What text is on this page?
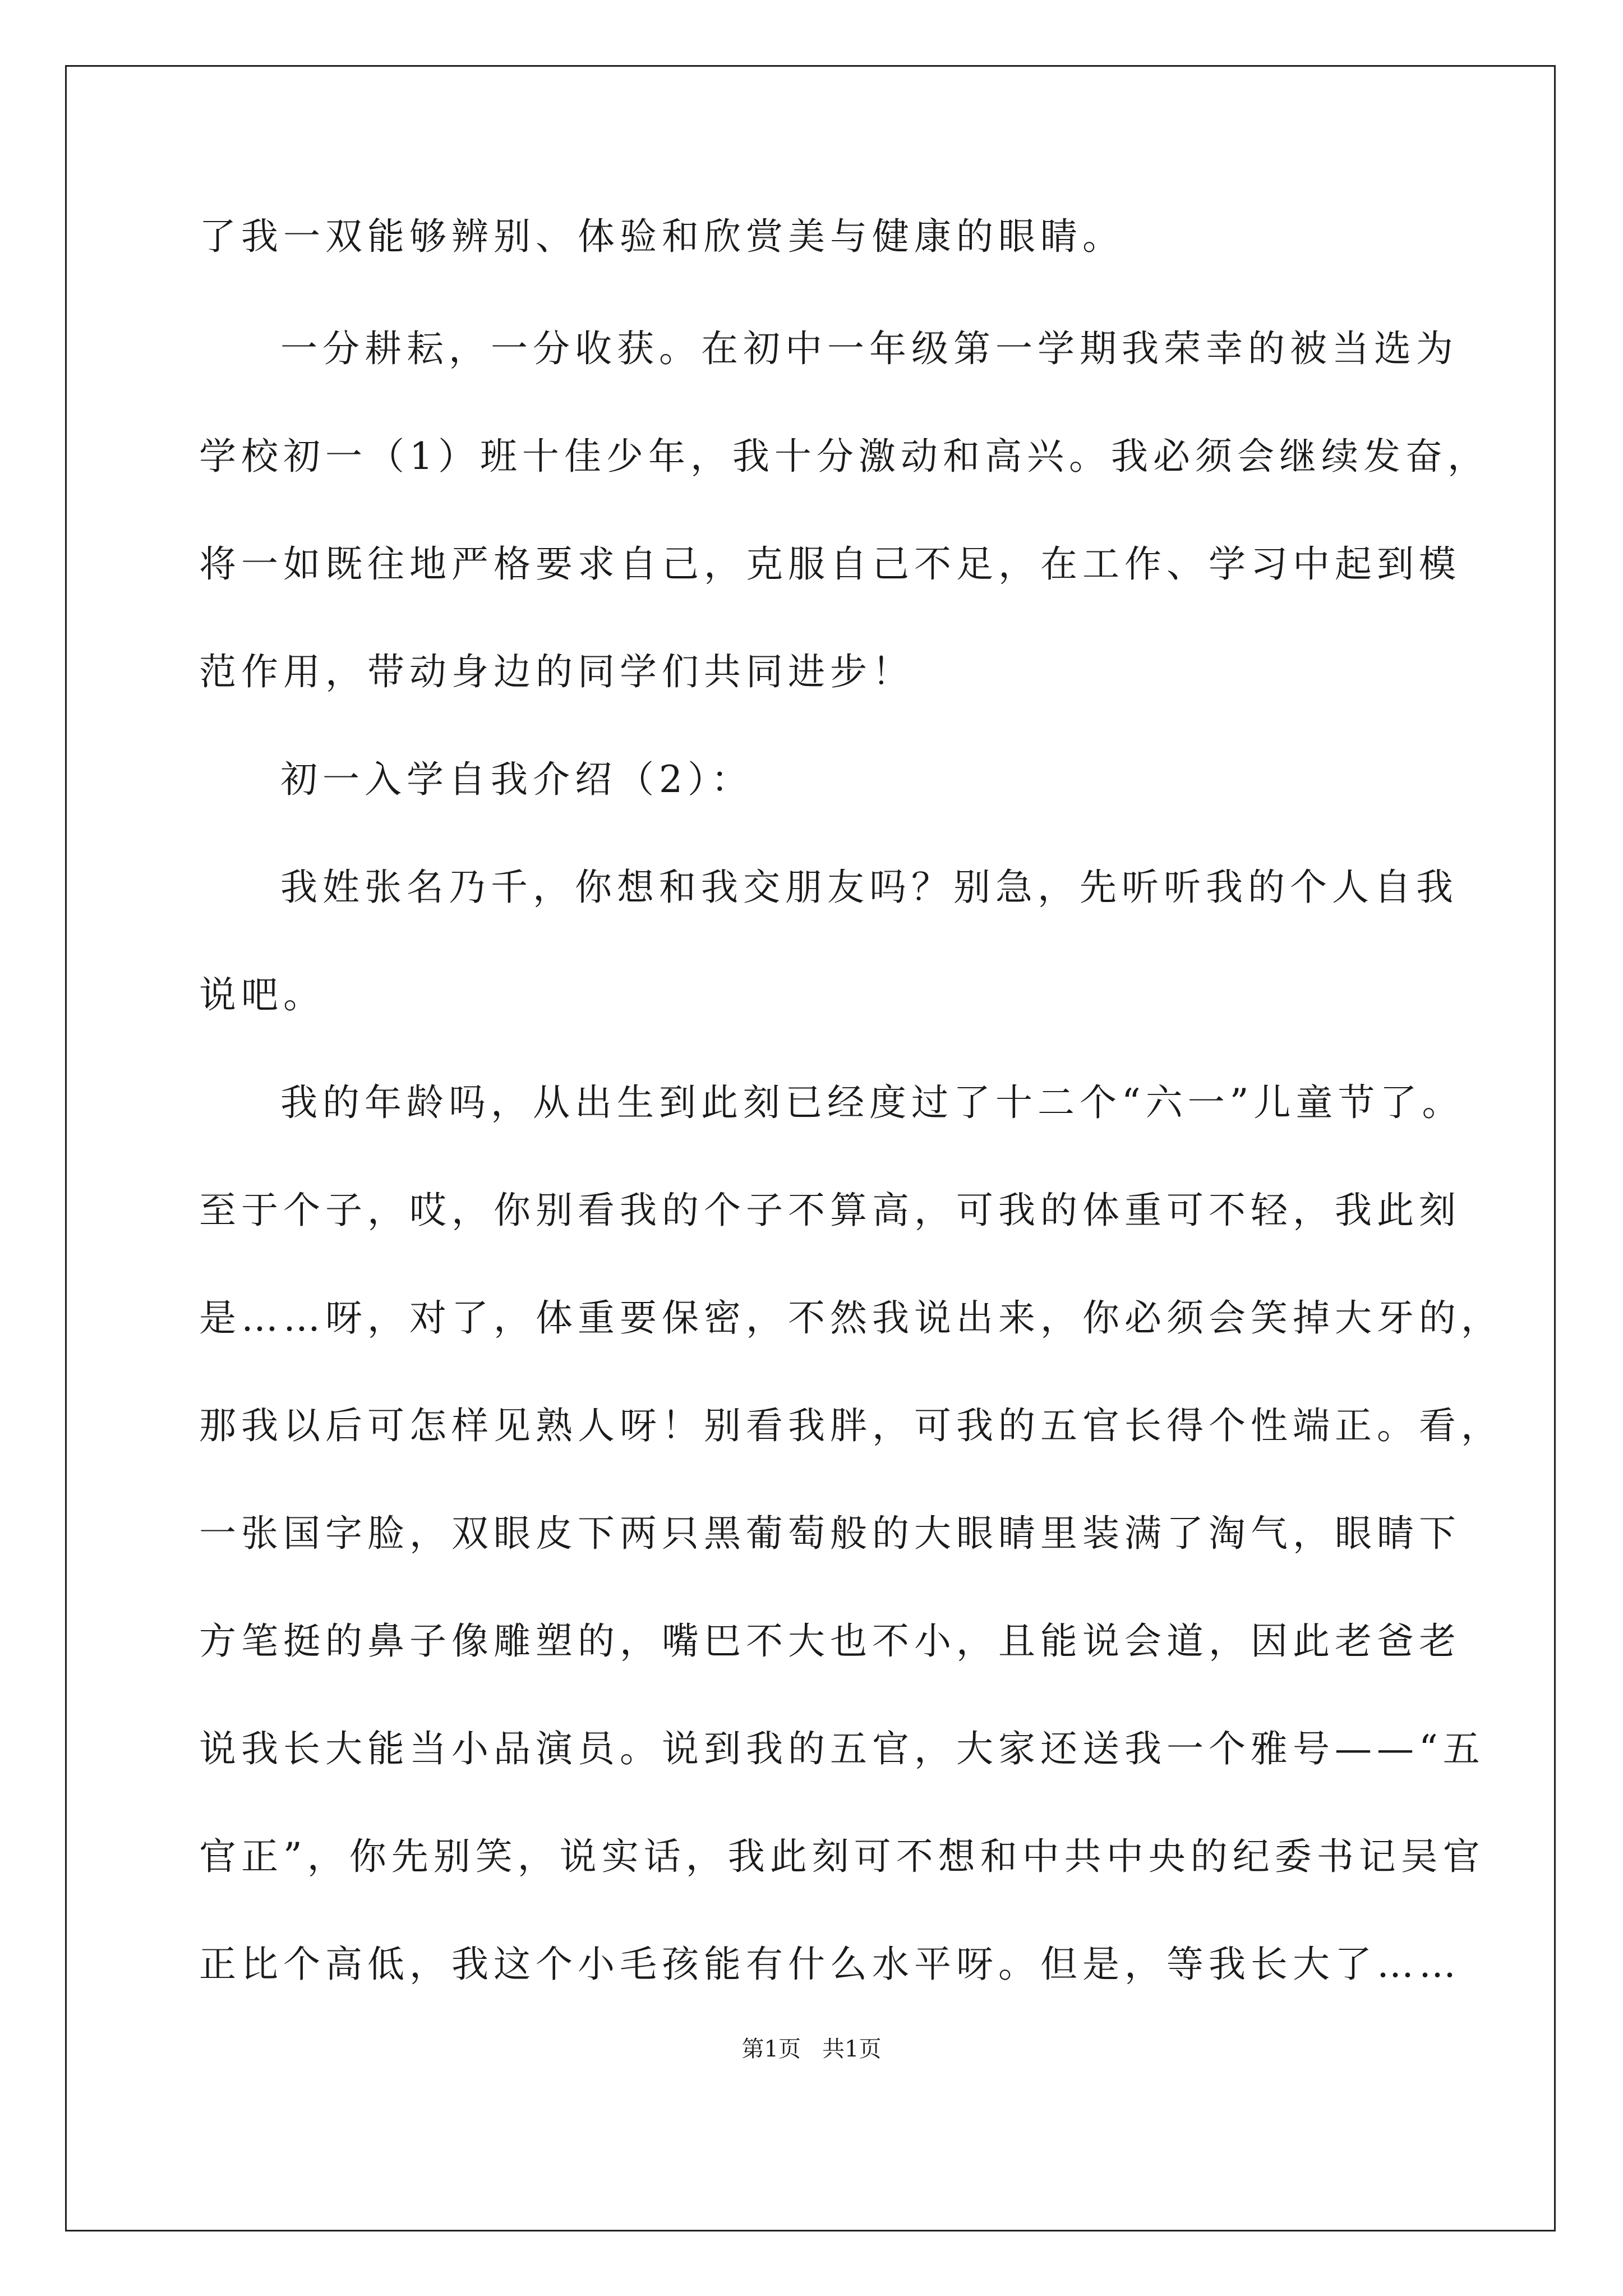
了我一双能够辨别、体验和欣赏美与健康的眼睛。
一分耕耘，一分收获。在初中一年级第一学期我荣幸的被当选为
学校初一（1）班十佳少年，我十分激动和高兴。我必须会继续发奋，
将一如既往地严格要求自己，克服自己不足，在工作、学习中起到模
范作用，带动身边的同学们共同进步！
初一入学自我介绍（2）：
我姓张名乃千，你想和我交朋友吗？别急，先听听我的个人自我
说吧。
我的年龄吗，从出生到此刻已经度过了十二个“六一”儿童节了。
至于个子，哎，你别看我的个子不算高，可我的体重可不轻，我此刻
是……呀，对了，体重要保密，不然我说出来，你必须会笑掉大牙的，
那我以后可怎样见熟人呀！别看我胖，可我的五官长得个性端正。看，
一张国字脸，双眼皮下两只黑葡萄般的大眼睛里装满了淘气，眼睛下
方笔挺的鼻子像雕塑的，嘴巴不大也不小，且能说会道，因此老爸老
说我长大能当小品演员。说到我的五官，大家还送我一个雅号——“五
官正”，你先别笑，说实话，我此刻可不想和中共中央的纪委书记吴官
正比个高低，我这个小毛孩能有什么水平呀。但是，等我长大了……
第1页 共1页
